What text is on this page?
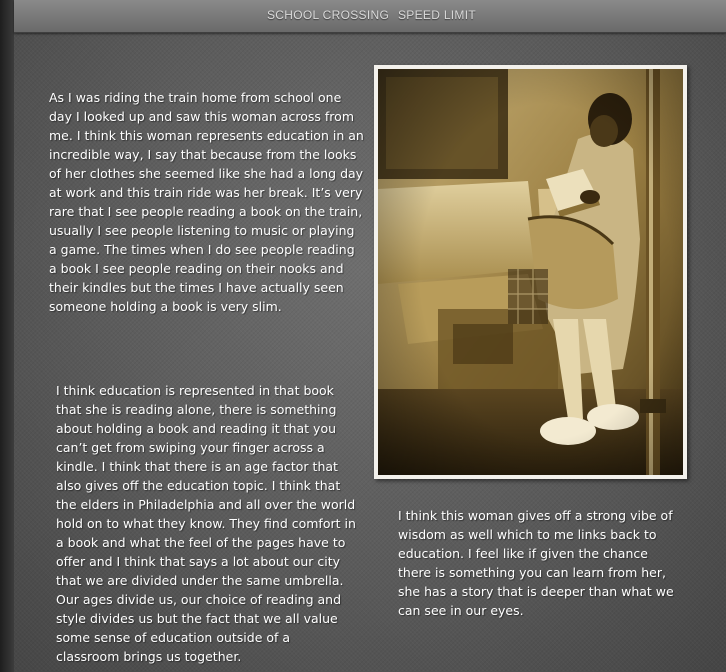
SCHOOL CROSSING SPEED LIMIT

As I was riding the train home from school one day I looked up and saw this woman across from me. I think this woman represents education in an incredible way, I say that because from the looks of her clothes she seemed like she had a long day at work and this train ride was her break. It’s very rare that I see people reading a book on the train, usually I see people listening to music or playing a game. The times when I do see people reading a book I see people reading on their nooks and their kindles but the times I have actually seen someone holding a book is very slim.

I think education is represented in that book that she is reading alone, there is something about holding a book and reading it that you can’t get from swiping your finger across a kindle. I think that there is an age factor that also gives off the education topic. I think that the elders in Philadelphia and all over the world hold on to what they know. They find comfort in a book and what the feel of the pages have to offer and I think that says a lot about our city that we are divided under the same umbrella. Our ages divide us, our choice of reading and style divides us but the fact that we all value some sense of education outside of a classroom brings us together.

I think this woman gives off a strong vibe of wisdom as well which to me links back to education. I feel like if given the chance there is something you can learn from her, she has a story that is deeper than what we can see in our eyes.
